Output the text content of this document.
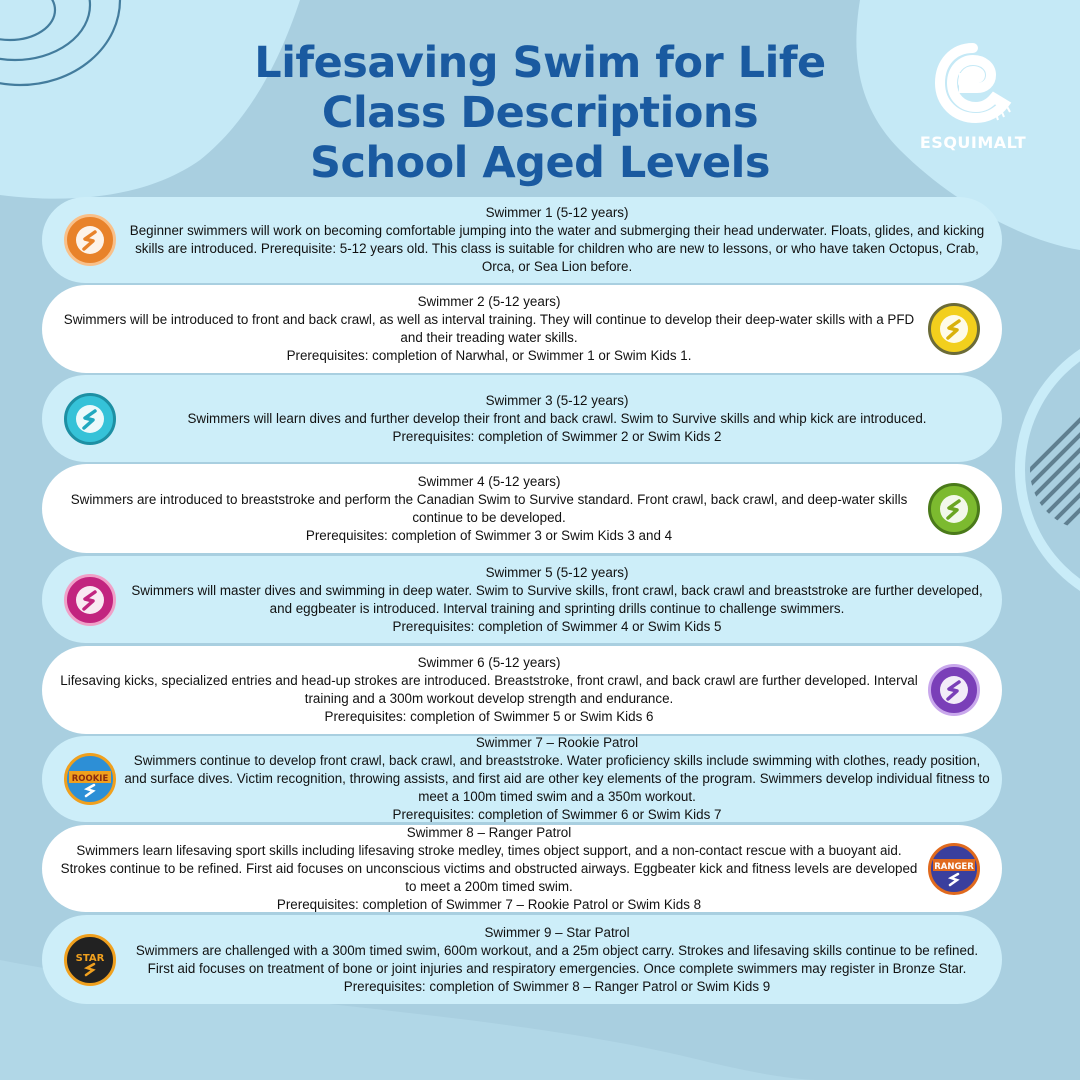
Lifesaving Swim for Life
Class Descriptions
School Aged Levels	ESQUIMALT

Swimmer 1 (5-12 years)

Beginner swimmers will work on becoming comfortable jumping into the water and submerging their head underwater. Floats, glides, and kicking skills are introduced. Prerequisite: 5-12 years old. This class is suitable for children who are new to lessons, or who have taken Octopus, Crab, Orca, or Sea Lion before.

Swimmer 2 (5-12 years)

Swimmers will be introduced to front and back crawl, as well as interval training. They will continue to develop their deep-water skills with a PFD and their treading water skills.

Prerequisites: completion of Narwhal, or Swimmer 1 or Swim Kids 1.

Swimmer 3 (5-12 years)

Swimmers will learn dives and further develop their front and back crawl. Swim to Survive skills and whip kick are introduced.

Prerequisites: completion of Swimmer 2 or Swim Kids 2

Swimmer 4 (5-12 years)

Swimmers are introduced to breaststroke and perform the Canadian Swim to Survive standard. Front crawl, back crawl, and deep-water skills continue to be developed.

Prerequisites: completion of Swimmer 3 or Swim Kids 3 and 4

Swimmer 5 (5-12 years)

Swimmers will master dives and swimming in deep water. Swim to Survive skills, front crawl, back crawl and breaststroke are further developed, and eggbeater is introduced. Interval training and sprinting drills continue to challenge swimmers.

Prerequisites: completion of Swimmer 4 or Swim Kids 5

Swimmer 6 (5-12 years)

Lifesaving kicks, specialized entries and head-up strokes are introduced. Breaststroke, front crawl, and back crawl are further developed. Interval training and a 300m workout develop strength and endurance.

Prerequisites: completion of Swimmer 5 or Swim Kids 6

ROOKIE

Swimmer 7 – Rookie Patrol

Swimmers continue to develop front crawl, back crawl, and breaststroke. Water proficiency skills include swimming with clothes, ready position, and surface dives. Victim recognition, throwing assists, and first aid are other key elements of the program. Swimmers develop individual fitness to meet a 100m timed swim and a 350m workout.

Prerequisites: completion of Swimmer 6 or Swim Kids 7

Swimmer 8 – Ranger Patrol

Swimmers learn lifesaving sport skills including lifesaving stroke medley, times object support, and a non-contact rescue with a buoyant aid. Strokes continue to be refined. First aid focuses on unconscious victims and obstructed airways. Eggbeater kick and fitness levels are developed to meet a 200m timed swim.

Prerequisites: completion of Swimmer 7 – Rookie Patrol or Swim Kids 8

RANGER
STAR

Swimmer 9 – Star Patrol

Swimmers are challenged with a 300m timed swim, 600m workout, and a 25m object carry. Strokes and lifesaving skills continue to be refined. First aid focuses on treatment of bone or joint injuries and respiratory emergencies. Once complete swimmers may register in Bronze Star. Prerequisites: completion of Swimmer 8 – Ranger Patrol or Swim Kids 9
